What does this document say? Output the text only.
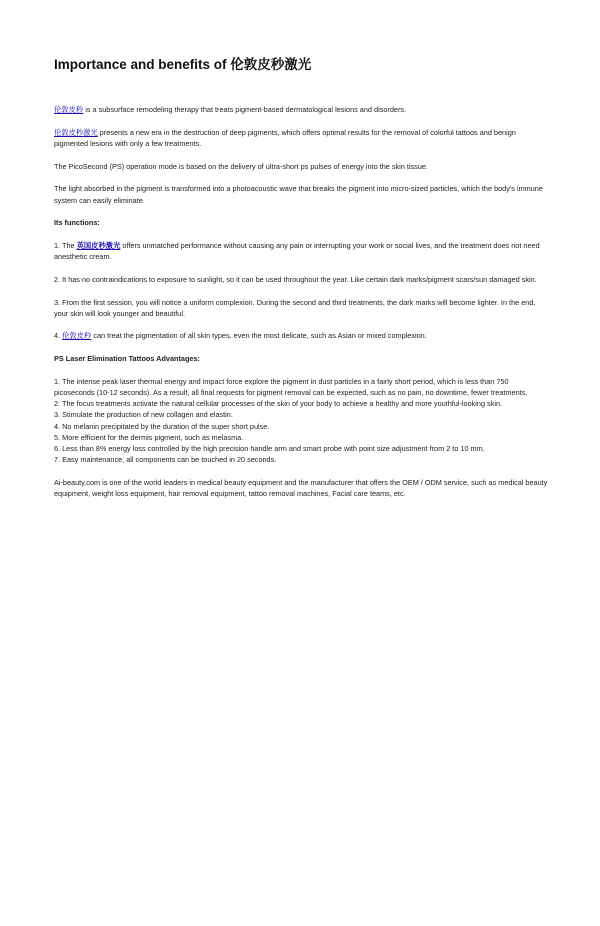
Importance and benefits of 伦敦皮秒激光

伦敦皮秒 is a subsurface remodeling therapy that treats pigment-based dermatological lesions and disorders.

伦敦皮秒激光 presents a new era in the destruction of deep pigments, which offers optimal results for the removal of colorful tattoos and benign pigmented lesions with only a few treatments.

The PicoSecond (PS) operation mode is based on the delivery of ultra-short ps pulses of energy into the skin tissue.

The light absorbed in the pigment is transformed into a photoacoustic wave that breaks the pigment into micro-sized particles, which the body's immune system can easily eliminate.

Its functions:

1. The 英国皮秒激光 offers unmatched performance without causing any pain or interrupting your work or social lives, and the treatment does not need anesthetic cream.

2. It has no contraindications to exposure to sunlight, so it can be used throughout the year. Like certain dark marks/pigment scars/sun damaged skin.

3. From the first session, you will notice a uniform complexion. During the second and third treatments, the dark marks will become lighter. In the end, your skin will look younger and beautiful.

4. 伦敦皮秒 can treat the pigmentation of all skin types, even the most delicate, such as Asian or mixed complexion.

PS Laser Elimination Tattoos Advantages:

1. The intense peak laser thermal energy and impact force explore the pigment in dust particles in a fairly short period, which is less than 750 picoseconds (10-12 seconds). As a result, all final requests for pigment removal can be expected, such as no pain, no downtime, fewer treatments.
2. The focus treatments activate the natural cellular processes of the skin of your body to achieve a healthy and more youthful-looking skin.
3. Stimulate the production of new collagen and elastin.
4. No melanin precipitated by the duration of the super short pulse.
5. More efficient for the dermis pigment, such as melasma.
6. Less than 8% energy loss controlled by the high precision handle arm and smart probe with point size adjustment from 2 to 10 mm.
7. Easy maintenance, all components can be touched in 20 seconds.

Ai-beauty.com is one of the world leaders in medical beauty equipment and the manufacturer that offers the OEM / ODM service, such as medical beauty equipment, weight loss equipment, hair removal equipment, tattoo removal machines, Facial care teams, etc.
